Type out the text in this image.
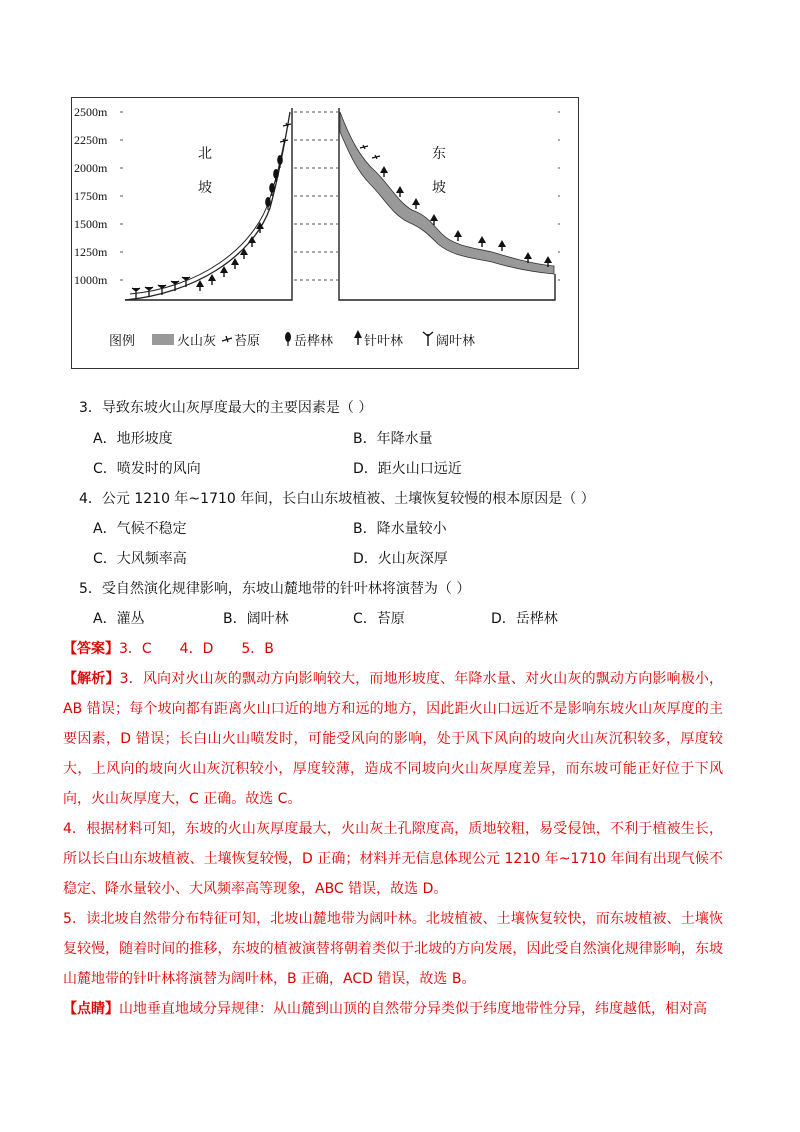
2500m
2250m
2000m
1750m
1500m
1250m
1000m
北
坡
东
坡
图例	火山灰 苔原	岳桦林 针叶林	阔叶林
3．导致东坡火山灰厚度最大的主要因素是（ ）
A．地形坡度	B．年降水量
C．喷发时的风向	D．距火山口远近
4．公元 1210 年~1710 年间，长白山东坡植被、土壤恢复较慢的根本原因是（ ）
A．气候不稳定	B．降水量较小
C．大风频率高	D．火山灰深厚
5．受自然演化规律影响，东坡山麓地带的针叶林将演替为（ ）
A．灌丛	B．阔叶林	C．苔原	D．岳桦林
【答案】3．C　　4．D　　5．B

【解析】3．风向对火山灰的飘动方向影响较大，而地形坡度、年降水量、对火山灰的飘动方向影响极小，AB 错误；每个坡向都有距离火山口近的地方和远的地方，因此距火山口远近不是影响东坡火山灰厚度的主要因素，D 错误；长白山火山喷发时，可能受风向的影响，处于风下风向的坡向火山灰沉积较多，厚度较大，上风向的坡向火山灰沉积较小，厚度较薄，造成不同坡向火山灰厚度差异，而东坡可能正好位于下风向，火山灰厚度大，C 正确。故选 C。

4．根据材料可知，东坡的火山灰厚度最大，火山灰土孔隙度高，质地较粗，易受侵蚀，不利于植被生长，所以长白山东坡植被、土壤恢复较慢，D 正确；材料并无信息体现公元 1210 年~1710 年间有出现气候不稳定、降水量较小、大风频率高等现象，ABC 错误，故选 D。

5．读北坡自然带分布特征可知，北坡山麓地带为阔叶林。北坡植被、土壤恢复较快，而东坡植被、土壤恢复较慢，随着时间的推移，东坡的植被演替将朝着类似于北坡的方向发展，因此受自然演化规律影响，东坡山麓地带的针叶林将演替为阔叶林，B 正确，ACD 错误，故选 B。

【点睛】山地垂直地域分异规律：从山麓到山顶的自然带分异类似于纬度地带性分异，纬度越低，相对高
